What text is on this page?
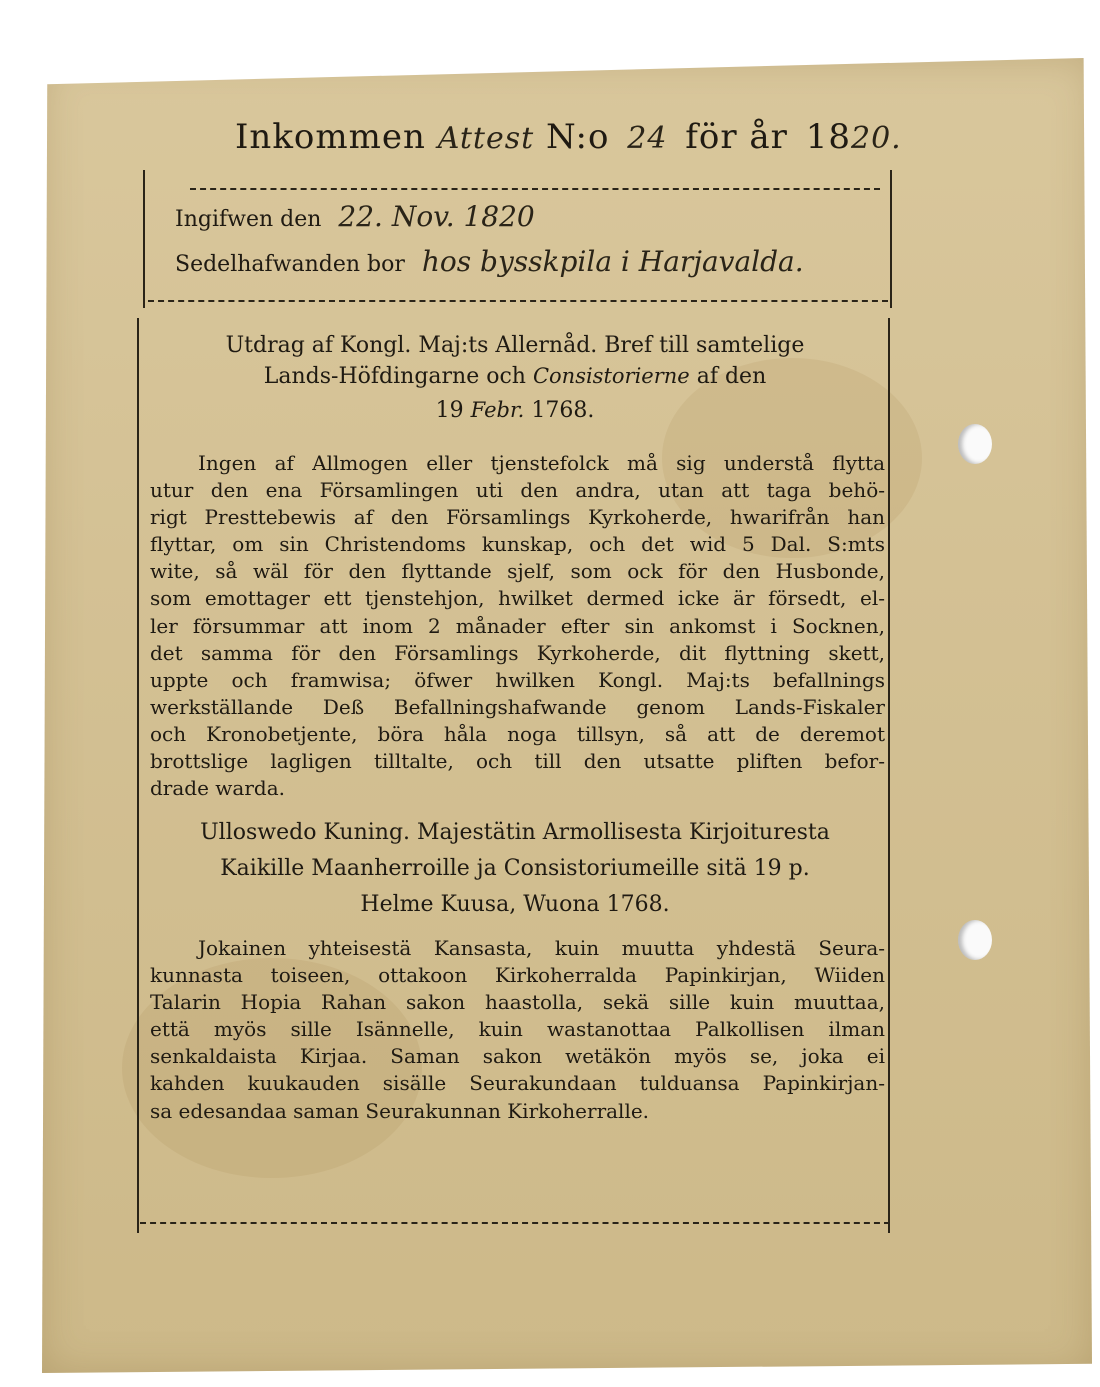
Inkommen Attest N:o 24 för år 1820.
Ingifwen den 22. Nov. 1820
Sedelhafwanden bor hos bysskpila i Harjavalda.
Utdrag af Kongl. Maj:ts Allernåd. Bref till samtelige
Lands-Höfdingarne och Consistorierne af den
19 Febr. 1768.
Ingen af Allmogen eller tjenstefolck må sig understå flytta
utur den ena Församlingen uti den andra, utan att taga behö-
rigt Presttebewis af den Församlings Kyrkoherde, hwarifrån han
flyttar, om sin Christendoms kunskap, och det wid 5 Dal. S:mts
wite, så wäl för den flyttande sjelf, som ock för den Husbonde,
som emottager ett tjenstehjon, hwilket dermed icke är försedt, el-
ler försummar att inom 2 månader efter sin ankomst i Socknen,
det samma för den Församlings Kyrkoherde, dit flyttning skett,
uppte och framwisa; öfwer hwilken Kongl. Maj:ts befallnings
werkställande Deß Befallningshafwande genom Lands-Fiskaler
och Kronobetjente, böra håla noga tillsyn, så att de deremot
brottslige lagligen tilltalte, och till den utsatte pliften befor-
drade warda.
Ulloswedo Kuning. Majestätin Armollisesta Kirjoituresta
Kaikille Maanherroille ja Consistoriumeille sitä 19 p.
Helme Kuusa, Wuona 1768.
Jokainen yhteisestä Kansasta, kuin muutta yhdestä Seura-
kunnasta toiseen, ottakoon Kirkoherralda Papinkirjan, Wiiden
Talarin Hopia Rahan sakon haastolla, sekä sille kuin muuttaa,
että myös sille Isännelle, kuin wastanottaa Palkollisen ilman
senkaldaista Kirjaa. Saman sakon wetäkön myös se, joka ei
kahden kuukauden sisälle Seurakundaan tulduansa Papinkirjan-
sa edesandaa saman Seurakunnan Kirkoherralle.
